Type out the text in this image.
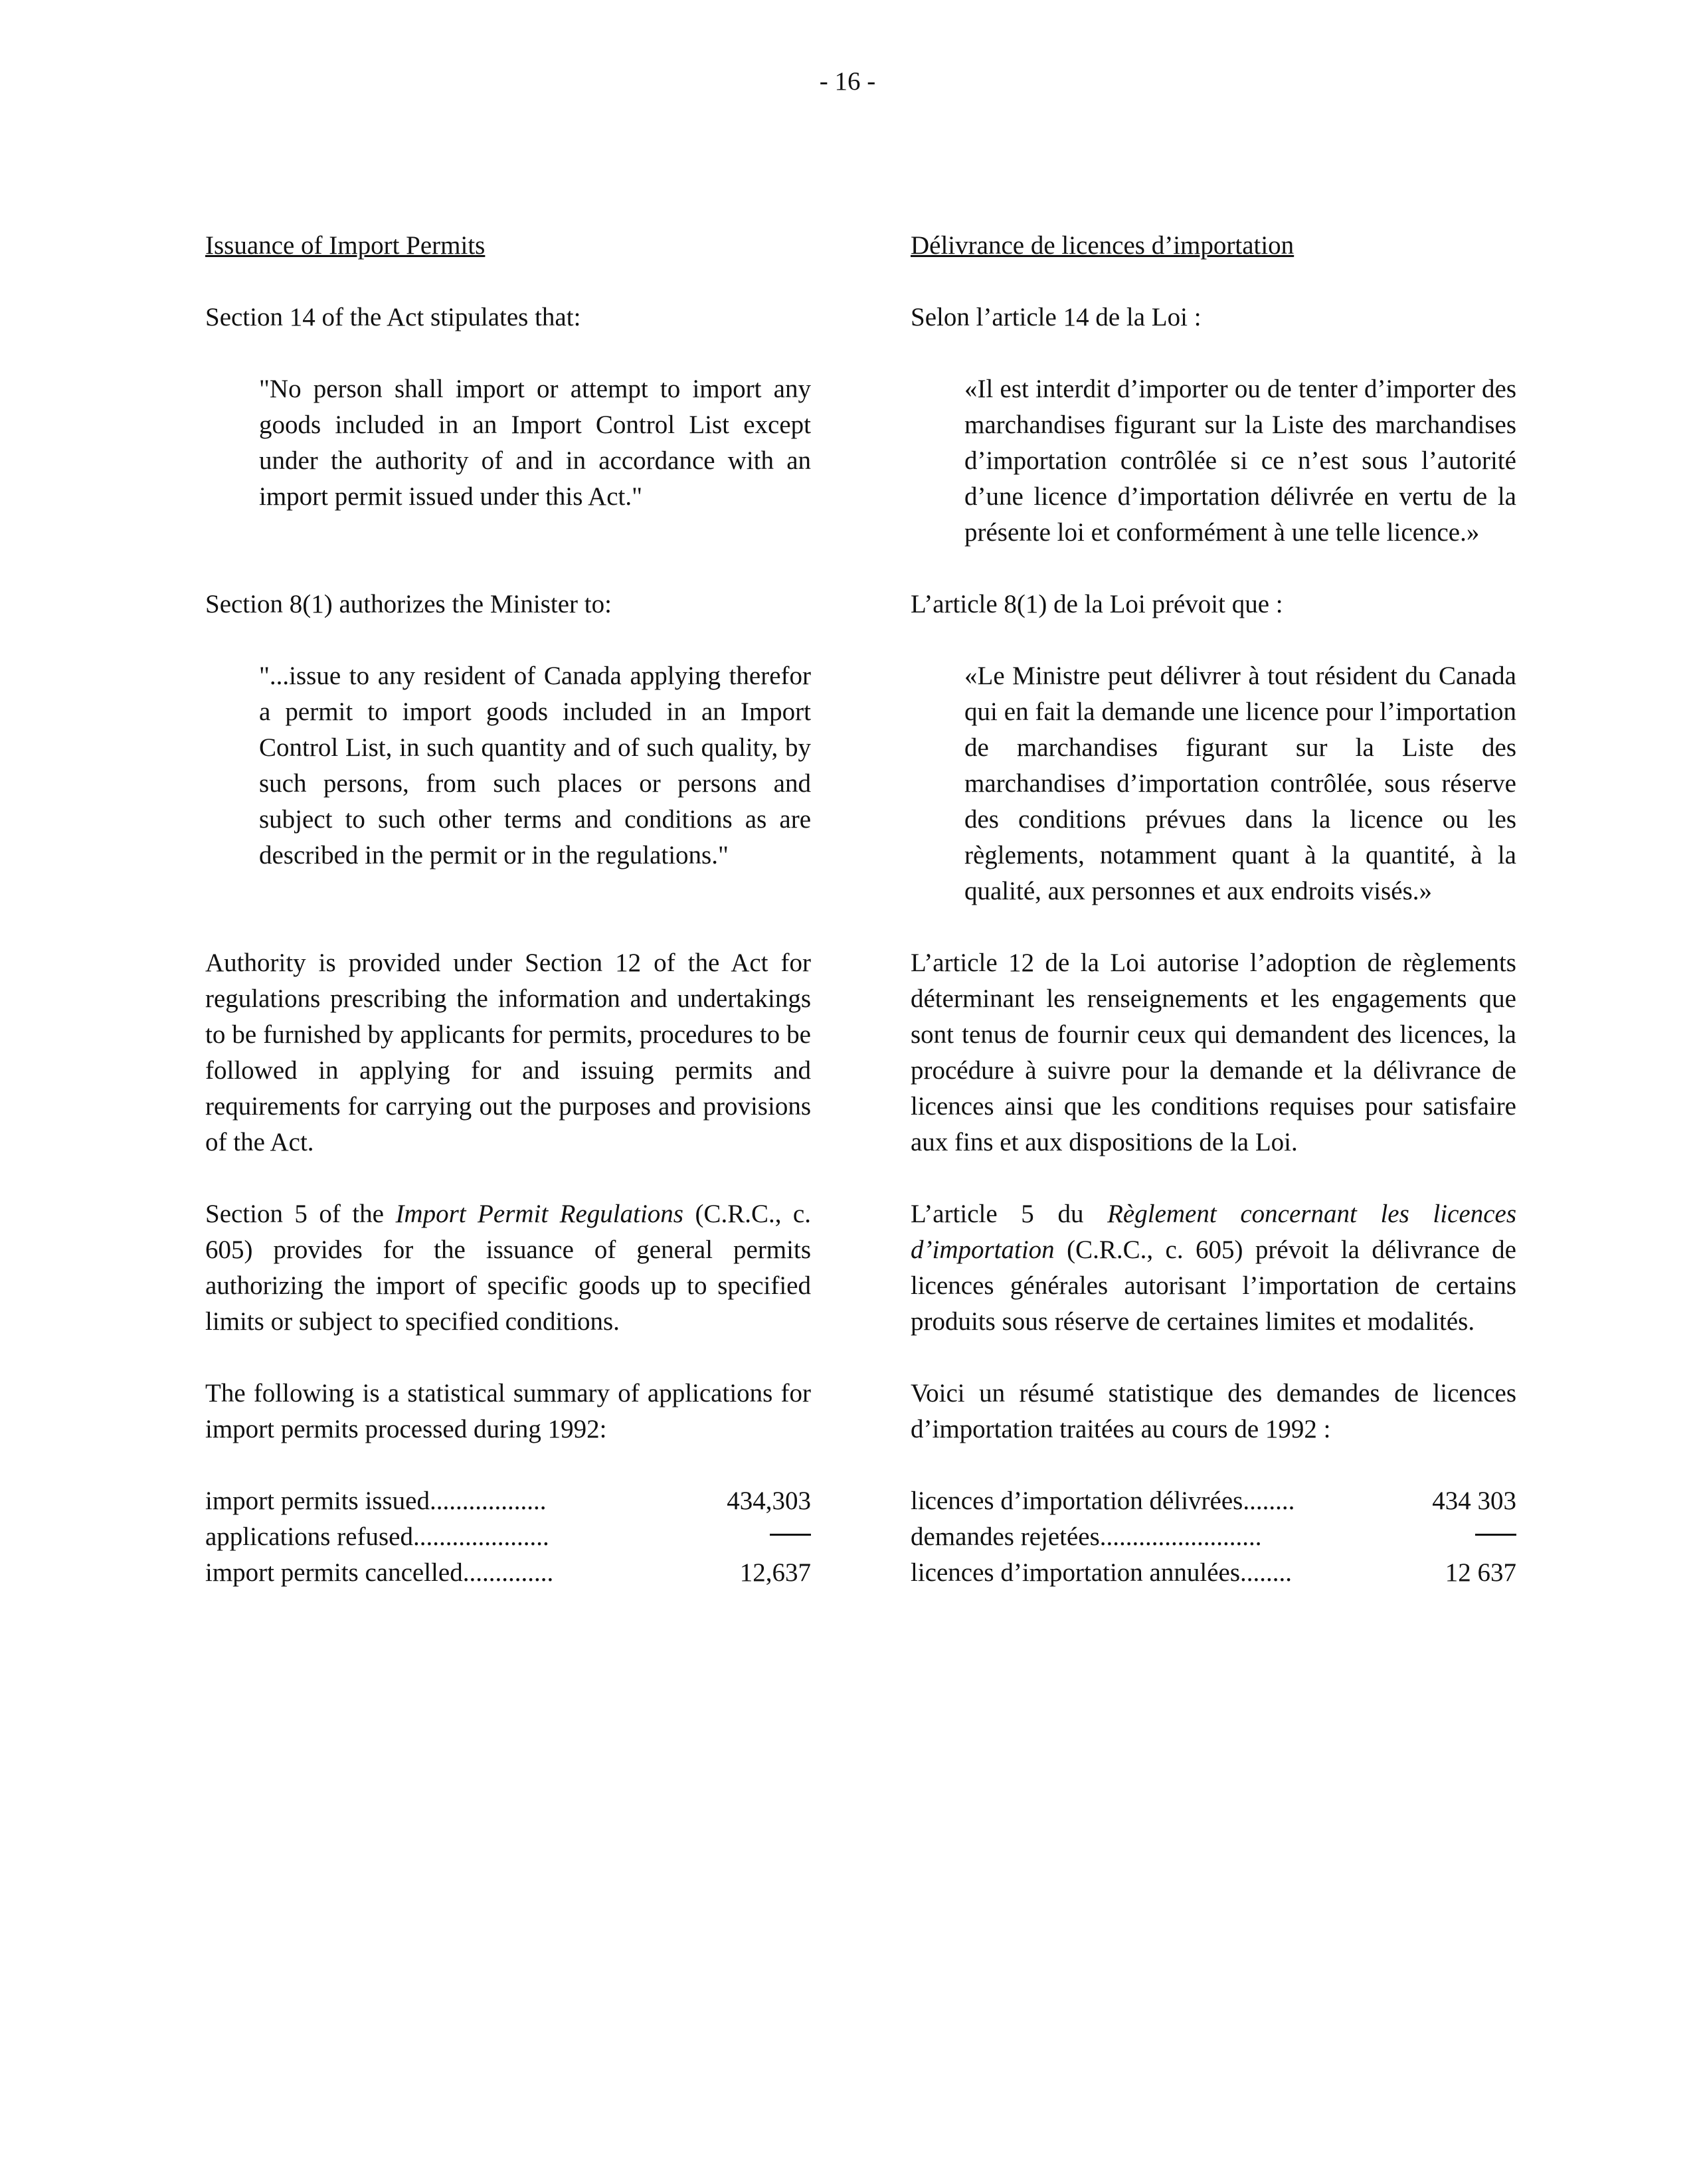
- 16 -

Issuance of Import Permits

Section 14 of the Act stipulates that:

"No person shall import or attempt to import any goods included in an Import Control List except under the authority of and in accordance with an import permit issued under this Act."

Section 8(1) authorizes the Minister to:

"...issue to any resident of Canada applying therefor a permit to import goods included in an Import Control List, in such quantity and of such quality, by such persons, from such places or persons and subject to such other terms and conditions as are described in the permit or in the regulations."

Authority is provided under Section 12 of the Act for regulations prescribing the information and undertakings to be furnished by applicants for permits, procedures to be followed in applying for and issuing permits and requirements for carrying out the purposes and provisions of the Act.

Section 5 of the Import Permit Regulations (C.R.C., c. 605) provides for the issuance of general permits authorizing the import of specific goods up to specified limits or subject to specified conditions.

The following is a statistical summary of applications for import permits processed during 1992:

import permits issued..................	434,303
applications refused.....................	
import permits cancelled..............	12,637

Délivrance de licences d’importation

Selon l’article 14 de la Loi :

«Il est interdit d’importer ou de tenter d’importer des marchandises figurant sur la Liste des marchandises d’importation contrôlée si ce n’est sous l’autorité d’une licence d’importation délivrée en vertu de la présente loi et conformément à une telle licence.»

L’article 8(1) de la Loi prévoit que :

«Le Ministre peut délivrer à tout résident du Canada qui en fait la demande une licence pour l’importation de marchandises figurant sur la Liste des marchandises d’importation contrôlée, sous réserve des conditions prévues dans la licence ou les règlements, notamment quant à la quantité, à la qualité, aux personnes et aux endroits visés.»

L’article 12 de la Loi autorise l’adoption de règlements déterminant les renseignements et les engagements que sont tenus de fournir ceux qui demandent des licences, la procédure à suivre pour la demande et la délivrance de licences ainsi que les conditions requises pour satisfaire aux fins et aux dispositions de la Loi.

L’article 5 du Règlement concernant les licences d’importation (C.R.C., c. 605) prévoit la délivrance de licences générales autorisant l’importation de certains produits sous réserve de certaines limites et modalités.

Voici un résumé statistique des demandes de licences d’importation traitées au cours de 1992 :

licences d’importation délivrées........	434 303
demandes rejetées.........................	
licences d’importation annulées........	12 637
